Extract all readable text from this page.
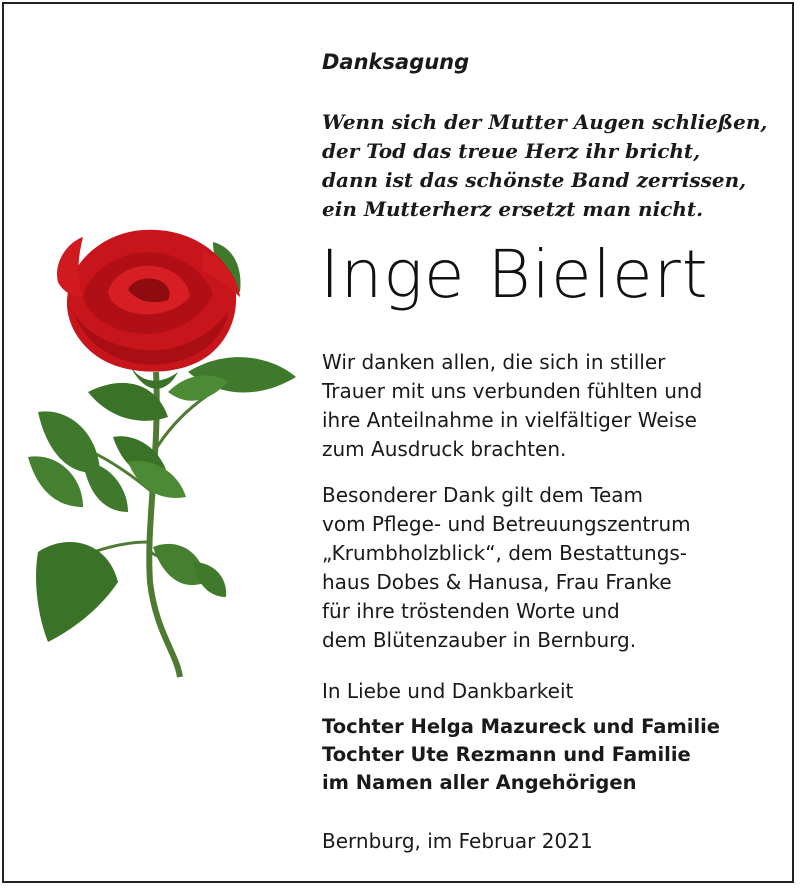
Danksagung
Wenn sich der Mutter Augen schließen,
der Tod das treue Herz ihr bricht,
dann ist das schönste Band zerrissen,
ein Mutterherz ersetzt man nicht.
Inge Bielert
Wir danken allen, die sich in stiller
Trauer mit uns verbunden fühlten und
ihre Anteilnahme in vielfältiger Weise
zum Ausdruck brachten.
Besonderer Dank gilt dem Team
vom Pflege- und Betreuungszentrum
„Krumbholzblick“, dem Bestattungs-
haus Dobes & Hanusa, Frau Franke
für ihre tröstenden Worte und
dem Blütenzauber in Bernburg.
In Liebe und Dankbarkeit
Tochter Helga Mazureck und Familie
Tochter Ute Rezmann und Familie
im Namen aller Angehörigen
Bernburg, im Februar 2021
